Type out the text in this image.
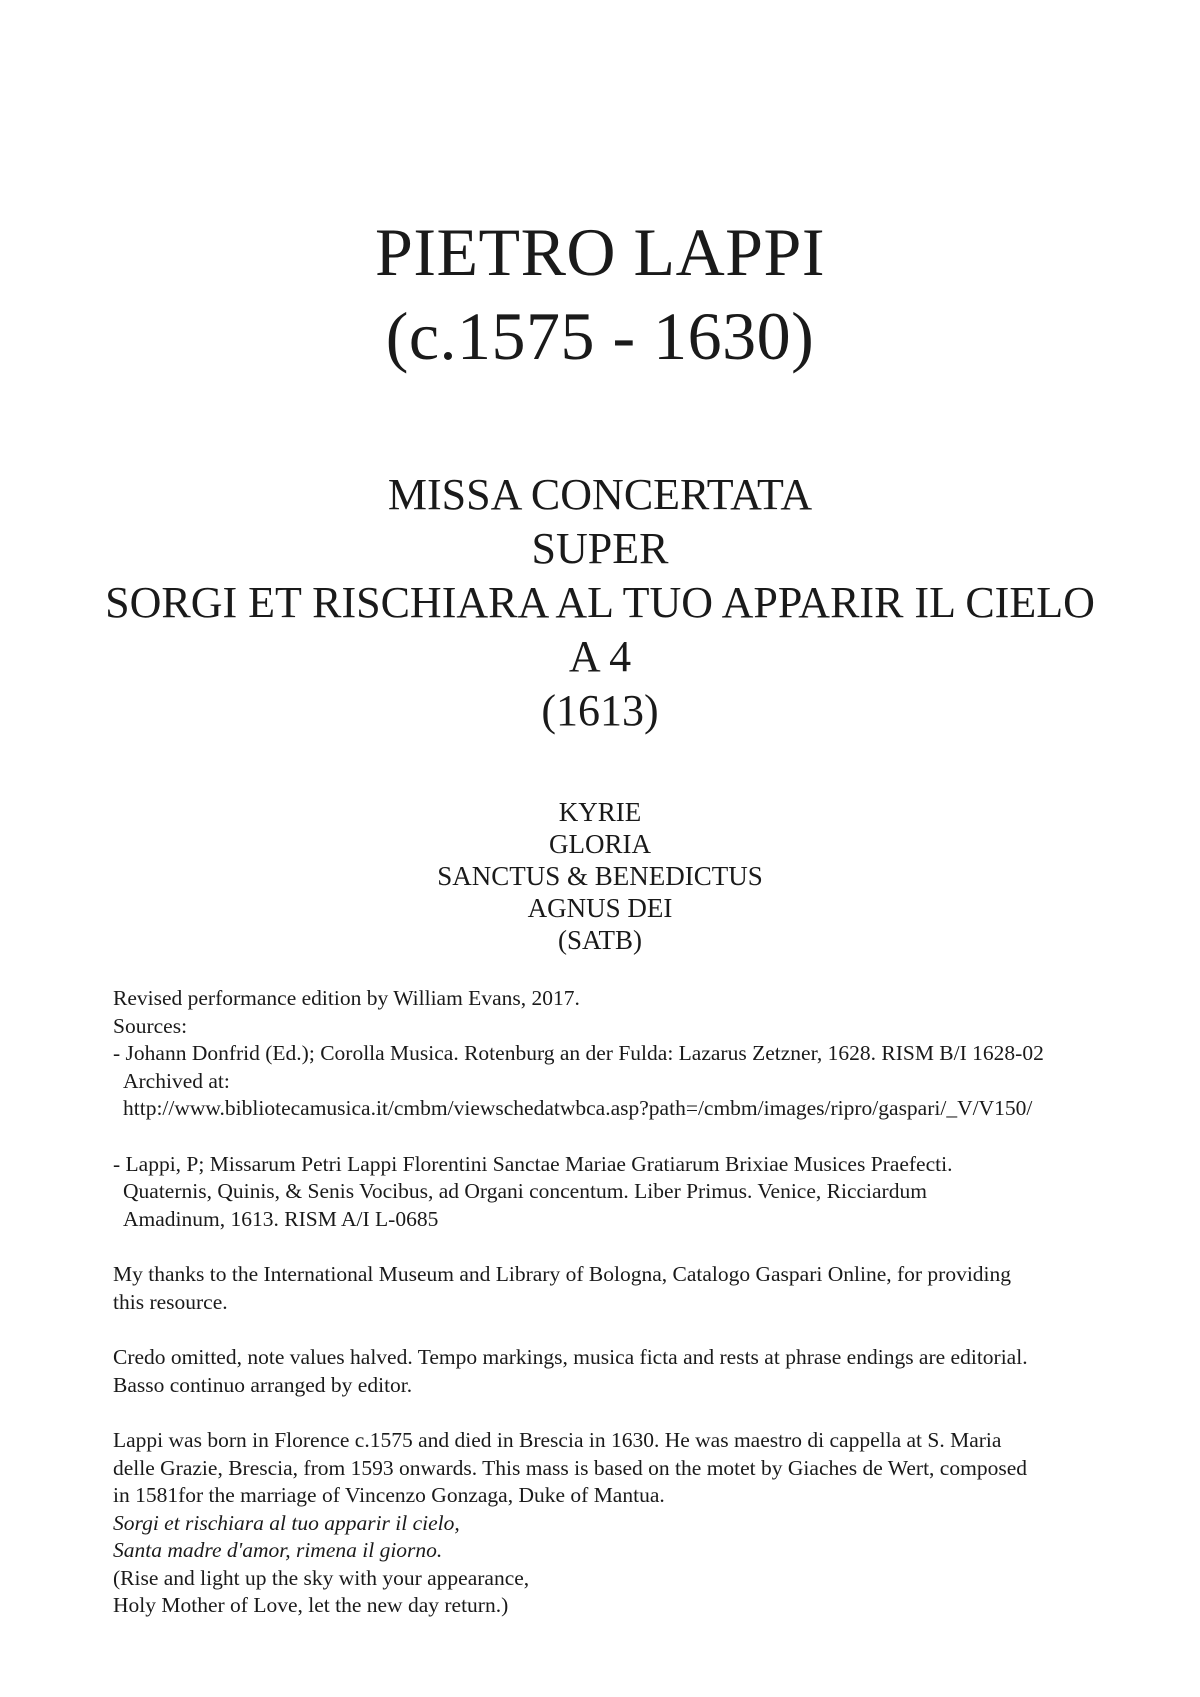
PIETRO LAPPI
(c.1575 - 1630)
MISSA CONCERTATA
SUPER
SORGI ET RISCHIARA AL TUO APPARIR IL CIELO
A 4
(1613)
KYRIE
GLORIA
SANCTUS & BENEDICTUS
AGNUS DEI
(SATB)

Revised performance edition by William Evans, 2017.

Sources:

- Johann Donfrid (Ed.); Corolla Musica. Rotenburg an der Fulda: Lazarus Zetzner, 1628. RISM B/I 1628-02

Archived at:

http://www.bibliotecamusica.it/cmbm/viewschedatwbca.asp?path=/cmbm/images/ripro/gaspari/_V/V150/

- Lappi, P; Missarum Petri Lappi Florentini Sanctae Mariae Gratiarum Brixiae Musices Praefecti.

Quaternis, Quinis, & Senis Vocibus, ad Organi concentum. Liber Primus. Venice, Ricciardum

Amadinum, 1613. RISM A/I L-0685

My thanks to the International Museum and Library of Bologna, Catalogo Gaspari Online, for providing

this resource.

Credo omitted, note values halved. Tempo markings, musica ficta and rests at phrase endings are editorial.

Basso continuo arranged by editor.

Lappi was born in Florence c.1575 and died in Brescia in 1630. He was maestro di cappella at S. Maria

delle Grazie, Brescia, from 1593 onwards. This mass is based on the motet by Giaches de Wert, composed

in 1581for the marriage of Vincenzo Gonzaga, Duke of Mantua.

Sorgi et rischiara al tuo apparir il cielo,

Santa madre d'amor, rimena il giorno.

(Rise and light up the sky with your appearance,

Holy Mother of Love, let the new day return.)
